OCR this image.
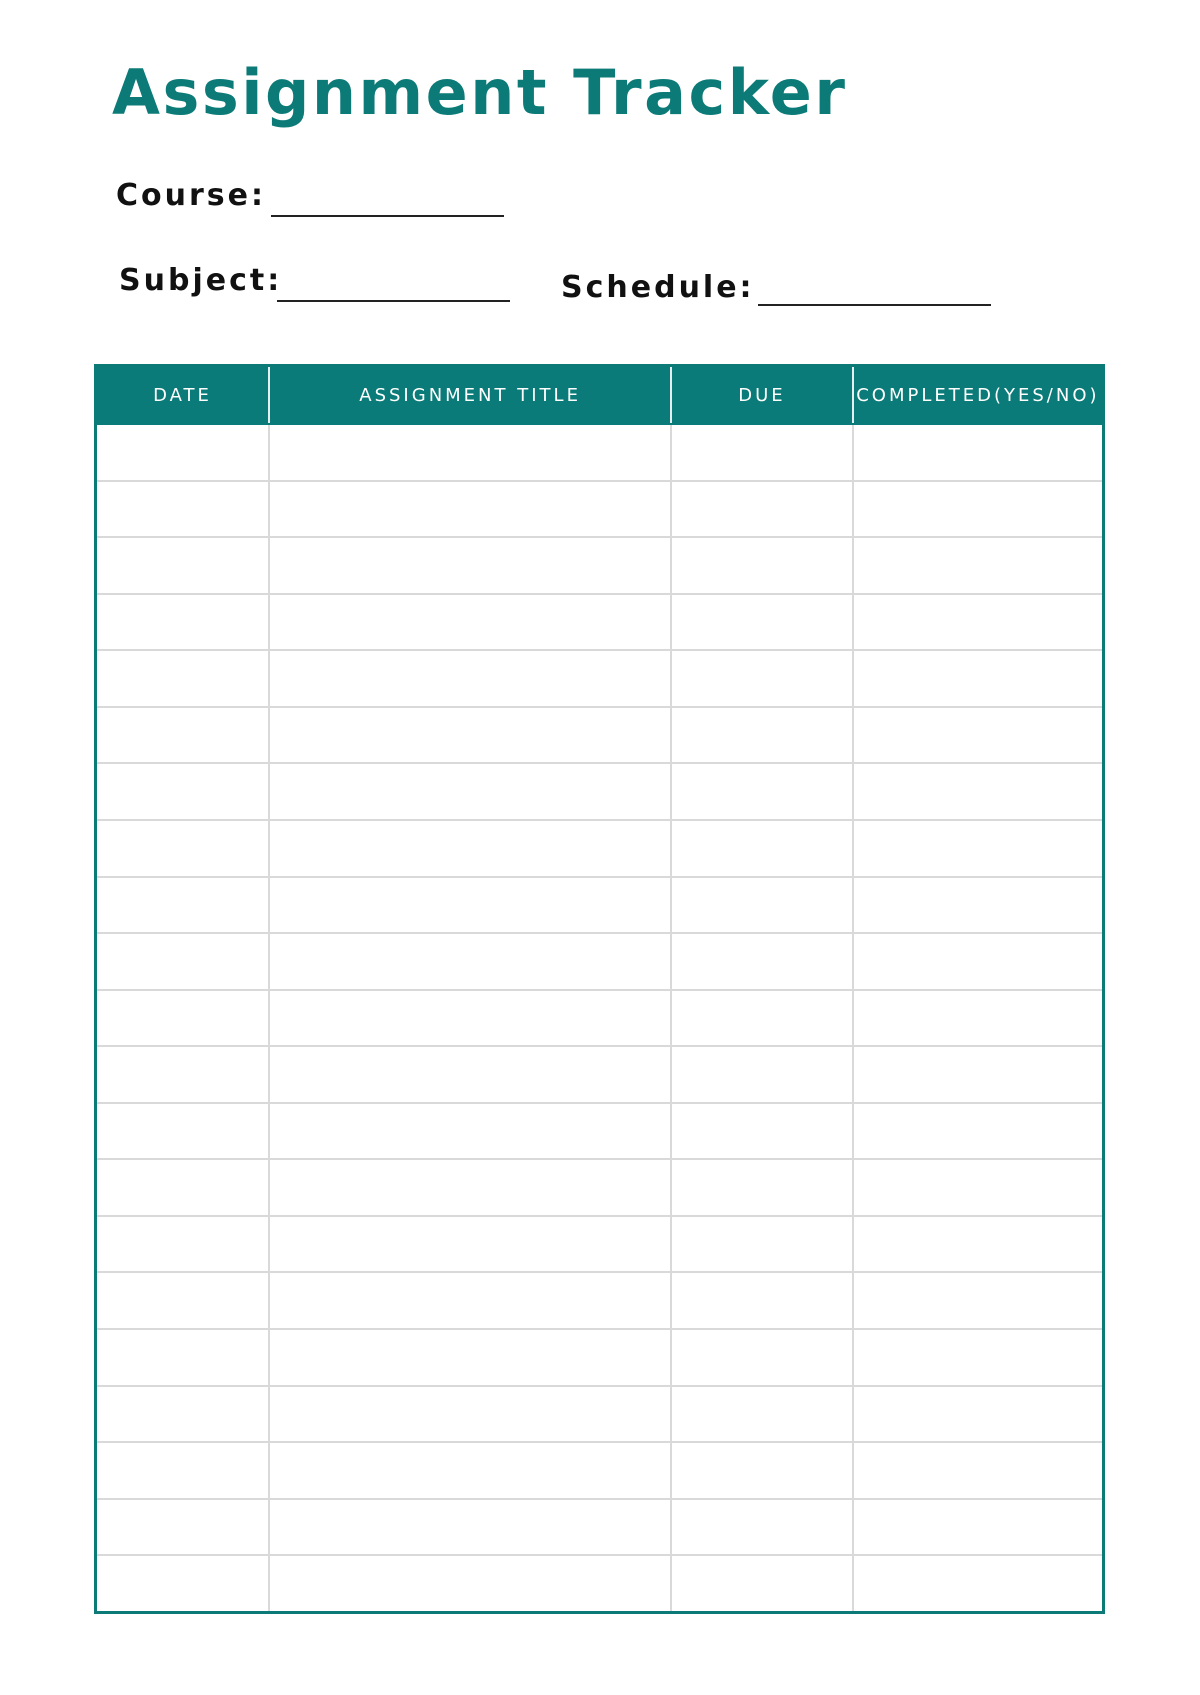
Assignment Tracker
Course:
Subject:	Schedule:
DATE	ASSIGNMENT TITLE	DUE	COMPLETED(YES/NO)
